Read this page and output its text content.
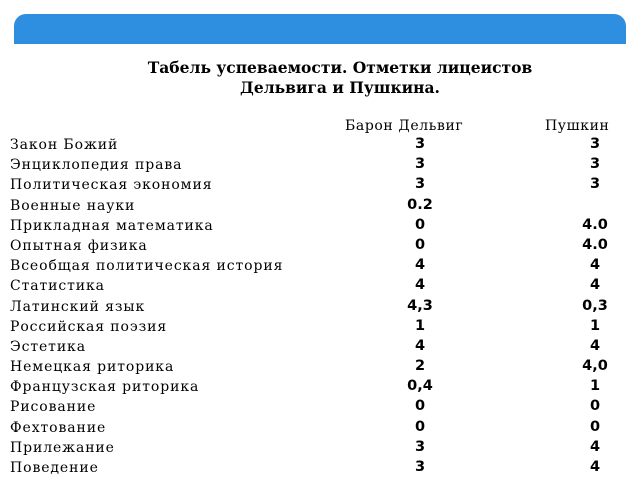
Табель успеваемости. Отметки лицеистов
Дельвига и Пушкина.
Барон Дельвиг	Пушкин
Закон Божий	3	3
Энциклопедия права	3	3
Политическая экономия	3	3
Военные науки	0.2
Прикладная математика	0	4.0
Опытная физика	0	4.0
Всеобщая политическая история	4	4
Статистика	4	4
Латинский язык	4,3	0,3
Российская поэзия	1	1
Эстетика	4	4
Немецкая риторика	2	4,0
Французская риторика	0,4	1
Рисование	0	0
Фехтование	0	0
Прилежание	3	4
Поведение	3	4
